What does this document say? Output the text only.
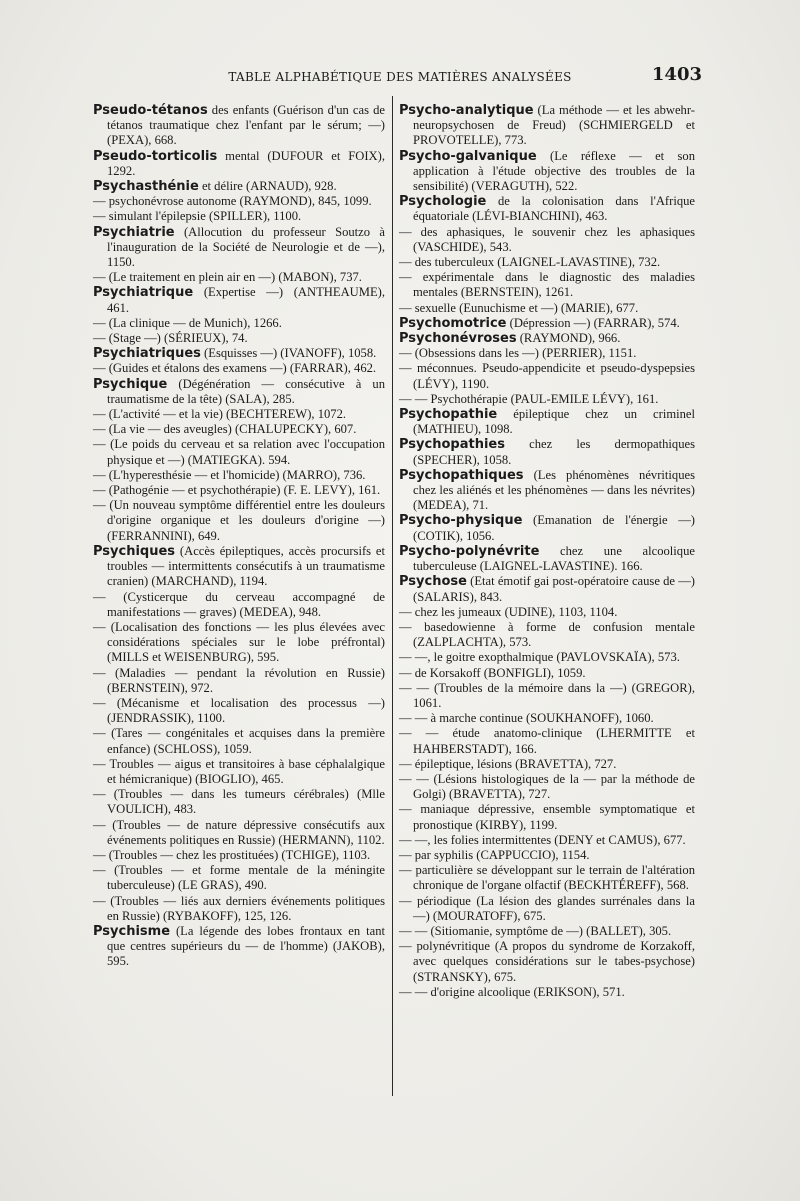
TABLE ALPHABÉTIQUE DES MATIÈRES ANALYSÉES	1403

Pseudo-tétanos des enfants (Guérison d'un cas de tétanos traumatique chez l'enfant par le sérum; —) (PEXA), 668.

Pseudo-torticolis mental (DUFOUR et FOIX), 1292.

Psychasthénie et délire (ARNAUD), 928.

— psychonévrose autonome (RAYMOND), 845, 1099.

— simulant l'épilepsie (SPILLER), 1100.

Psychiatrie (Allocution du professeur Soutzo à l'inauguration de la Société de Neurologie et de —), 1150.

— (Le traitement en plein air en —) (MABON), 737.

Psychiatrique (Expertise —) (ANTHEAUME), 461.

— (La clinique — de Munich), 1266.

— (Stage —) (SÉRIEUX), 74.

Psychiatriques (Esquisses —) (IVANOFF), 1058.

— (Guides et étalons des examens —) (FARRAR), 462.

Psychique (Dégénération — consécutive à un traumatisme de la tête) (SALA), 285.

— (L'activité — et la vie) (BECHTEREW), 1072.

— (La vie — des aveugles) (CHALUPECKY), 607.

— (Le poids du cerveau et sa relation avec l'occupation physique et —) (MATIEGKA). 594.

— (L'hyperesthésie — et l'homicide) (MARRO), 736.

— (Pathogénie — et psychothérapie) (F. E. LEVY), 161.

— (Un nouveau symptôme différentiel entre les douleurs d'origine organique et les douleurs d'origine —) (FERRANNINI), 649.

Psychiques (Accès épileptiques, accès procursifs et troubles — intermittents consécutifs à un traumatisme cranien) (MARCHAND), 1194.

— (Cysticerque du cerveau accompagné de manifestations — graves) (MEDEA), 948.

— (Localisation des fonctions — les plus élevées avec considérations spéciales sur le lobe préfrontal) (MILLS et WEISENBURG), 595.

— (Maladies — pendant la révolution en Russie) (BERNSTEIN), 972.

— (Mécanisme et localisation des processus —) (JENDRASSIK), 1100.

— (Tares — congénitales et acquises dans la première enfance) (SCHLOSS), 1059.

— Troubles — aigus et transitoires à base céphalalgique et hémicranique) (BIOGLIO), 465.

— (Troubles — dans les tumeurs cérébrales) (Mlle VOULICH), 483.

— (Troubles — de nature dépressive consécutifs aux événements politiques en Russie) (HERMANN), 1102.

— (Troubles — chez les prostituées) (TCHIGE), 1103.

— (Troubles — et forme mentale de la méningite tuberculeuse) (LE GRAS), 490.

— (Troubles — liés aux derniers événements politiques en Russie) (RYBAKOFF), 125, 126.

Psychisme (La légende des lobes frontaux en tant que centres supérieurs du — de l'homme) (JAKOB), 595.

Psycho-analytique (La méthode — et les abwehr-neuropsychosen de Freud) (SCHMIERGELD et PROVOTELLE), 773.

Psycho-galvanique (Le réflexe — et son application à l'étude objective des troubles de la sensibilité) (VERAGUTH), 522.

Psychologie de la colonisation dans l'Afrique équatoriale (LÉVI-BIANCHINI), 463.

— des aphasiques, le souvenir chez les aphasiques (VASCHIDE), 543.

— des tuberculeux (LAIGNEL-LAVASTINE), 732.

— expérimentale dans le diagnostic des maladies mentales (BERNSTEIN), 1261.

— sexuelle (Eunuchisme et —) (MARIE), 677.

Psychomotrice (Dépression —) (FARRAR), 574.

Psychonévroses (RAYMOND), 966.

— (Obsessions dans les —) (PERRIER), 1151.

— méconnues. Pseudo-appendicite et pseudo-dyspepsies (LÉVY), 1190.

— — Psychothérapie (PAUL-EMILE LÉVY), 161.

Psychopathie épileptique chez un criminel (MATHIEU), 1098.

Psychopathies chez les dermopathiques (SPECHER), 1058.

Psychopathiques (Les phénomènes névritiques chez les aliénés et les phénomènes — dans les névrites) (MEDEA), 71.

Psycho-physique (Emanation de l'énergie —) (COTIK), 1056.

Psycho-polynévrite chez une alcoolique tuberculeuse (LAIGNEL-LAVASTINE). 166.

Psychose (Etat émotif gai post-opératoire cause de —) (SALARIS), 843.

— chez les jumeaux (UDINE), 1103, 1104.

— basedowienne à forme de confusion mentale (ZALPLACHTA), 573.

— —, le goitre exopthalmique (PAVLOVSKAÏA), 573.

— de Korsakoff (BONFIGLI), 1059.

— — (Troubles de la mémoire dans la —) (GREGOR), 1061.

— — à marche continue (SOUKHANOFF), 1060.

— — étude anatomo-clinique (LHERMITTE et HAHBERSTADT), 166.

— épileptique, lésions (BRAVETTA), 727.

— — (Lésions histologiques de la — par la méthode de Golgi) (BRAVETTA), 727.

— maniaque dépressive, ensemble symptomatique et pronostique (KIRBY), 1199.

— —, les folies intermittentes (DENY et CAMUS), 677.

— par syphilis (CAPPUCCIO), 1154.

— particulière se développant sur le terrain de l'altération chronique de l'organe olfactif (BECKHTÉREFF), 568.

— périodique (La lésion des glandes surrénales dans la —) (MOURATOFF), 675.

— — (Sitiomanie, symptôme de —) (BALLET), 305.

— polynévritique (A propos du syndrome de Korzakoff, avec quelques considérations sur le tabes-psychose) (STRANSKY), 675.

— — d'origine alcoolique (ERIKSON), 571.
